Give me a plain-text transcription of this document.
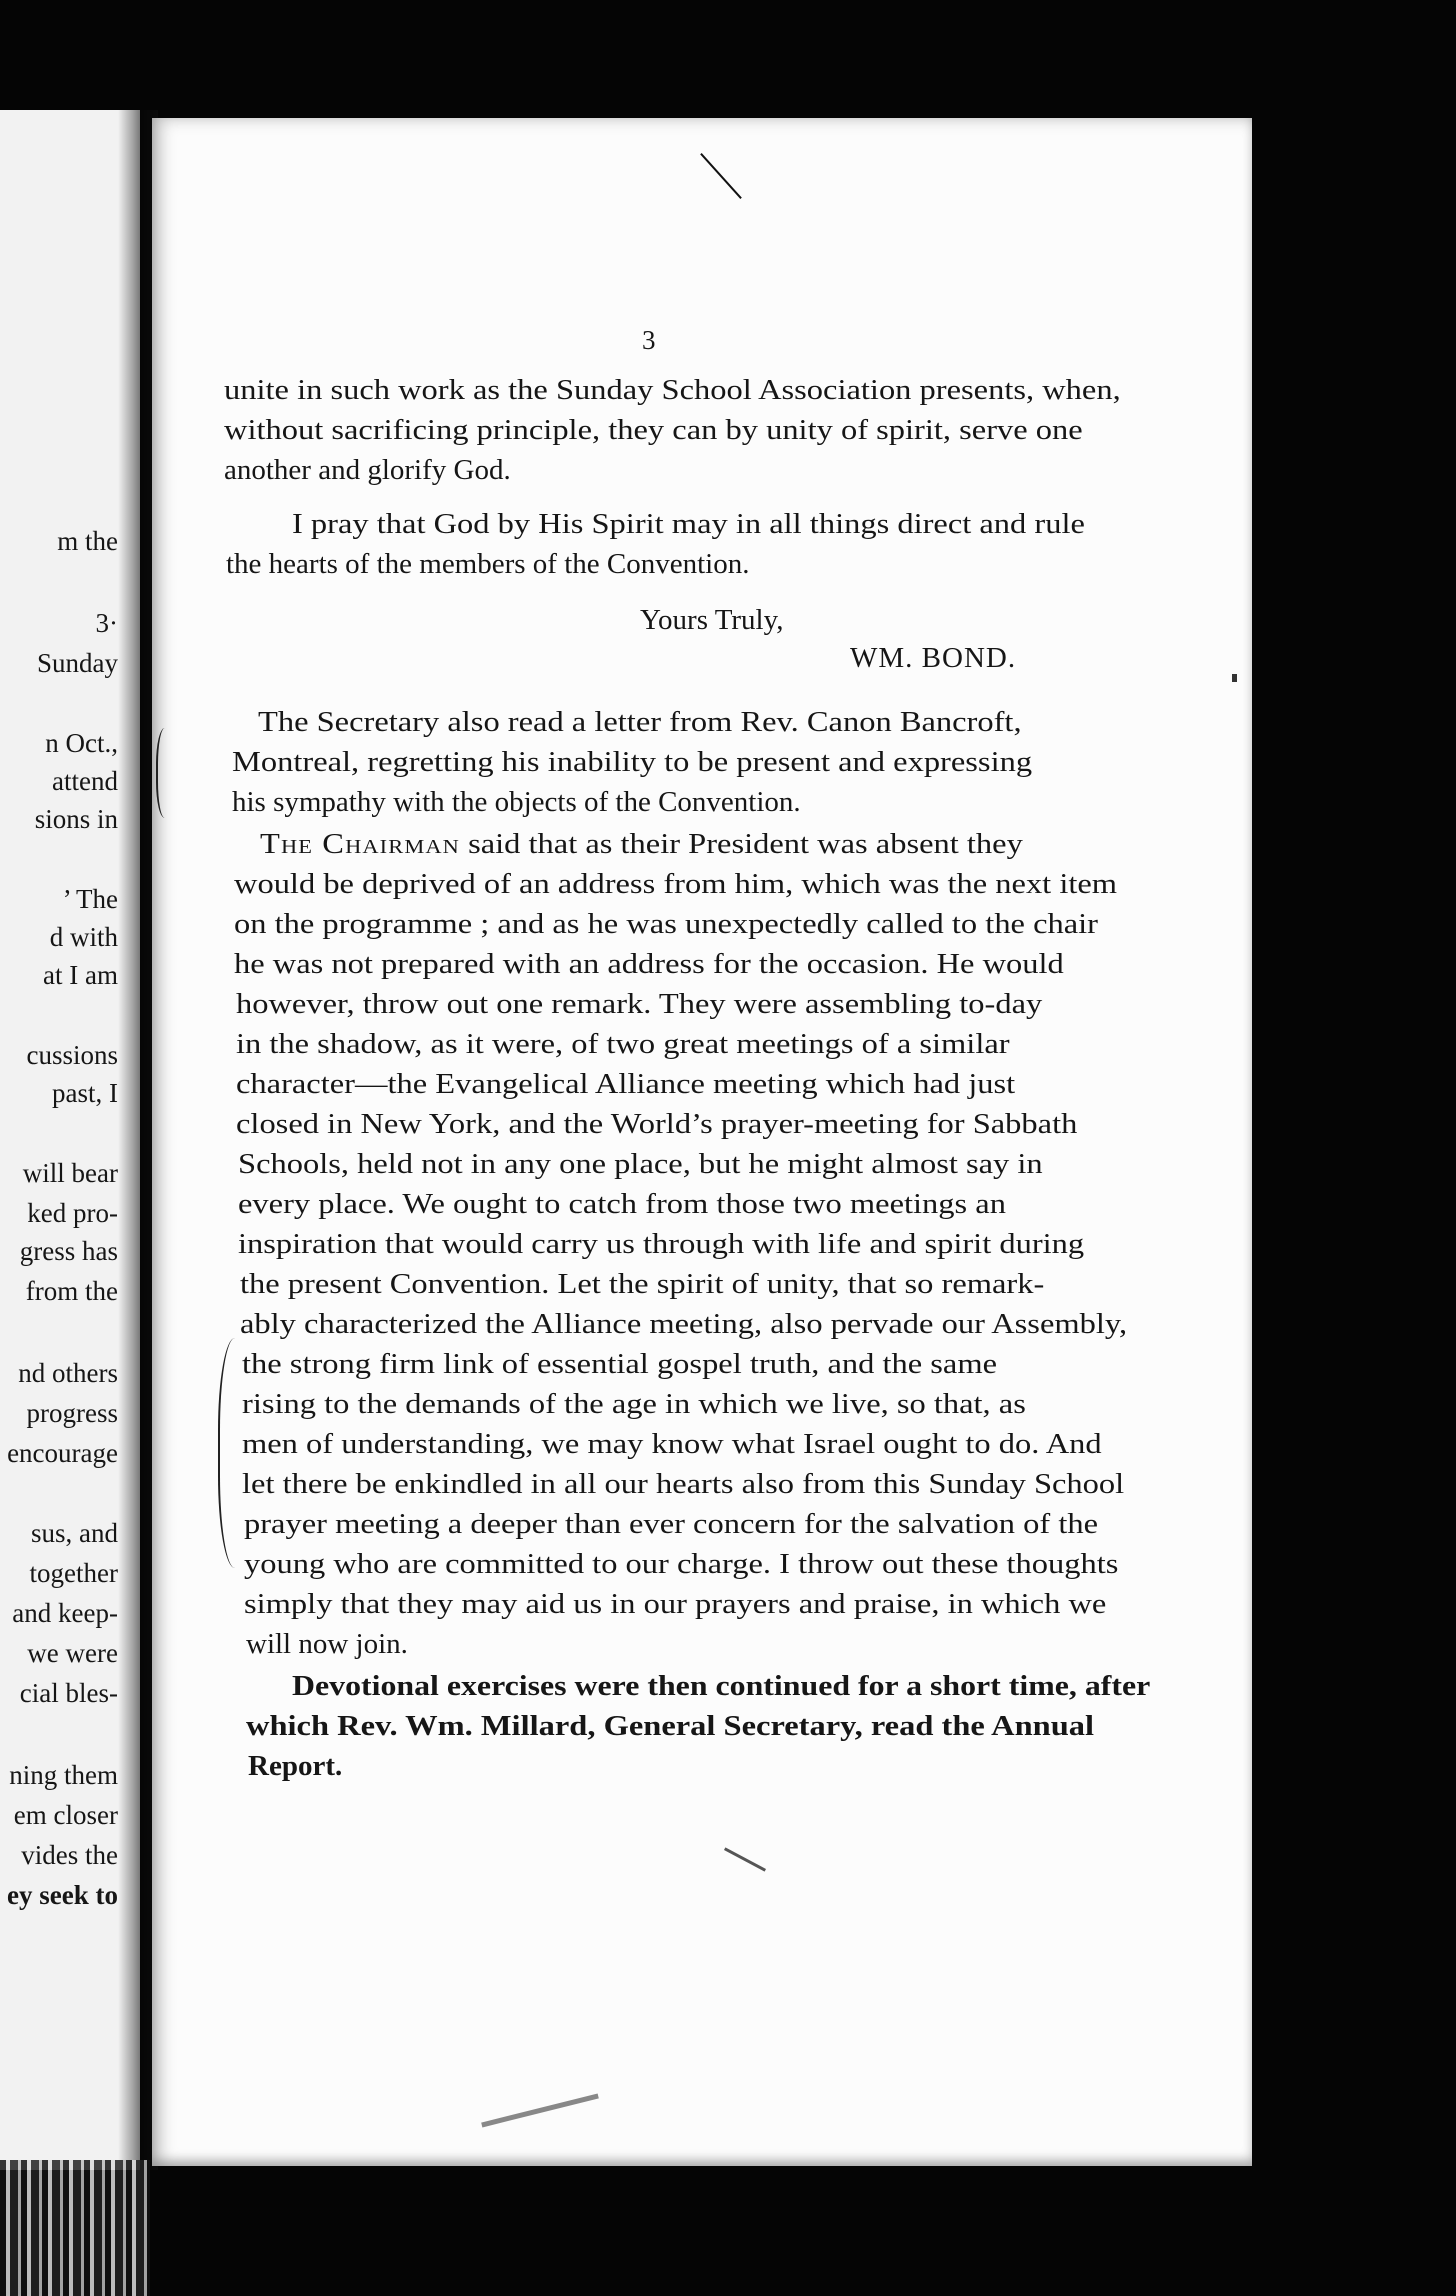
m the
3·
Sunday
n Oct.,
attend
sions in
’ The
d with
at I am
cussions
past, I
will bear
ked pro-
gress has
from the
nd others
progress
encourage
sus, and
together
and keep-
we were
cial bles-
ning them
em closer
vides the
ey seek to
3
unite in such work as the Sunday School Association presents, when,
without sacrificing principle, they can by unity of spirit, serve one
another and glorify God.
I pray that God by His Spirit may in all things direct and rule
the hearts of the members of the Convention.
Yours Truly,
WM. BOND.
The Secretary also read a letter from Rev. Canon Bancroft,
Montreal, regretting his inability to be present and expressing
his sympathy with the objects of the Convention.
The Chairman said that as their President was absent they
would be deprived of an address from him, which was the next item
on the programme ; and as he was unexpectedly called to the chair
he was not prepared with an address for the occasion. He would
however, throw out one remark. They were assembling to-day
in the shadow, as it were, of two great meetings of a similar
character—the Evangelical Alliance meeting which had just
closed in New York, and the World’s prayer-meeting for Sabbath
Schools, held not in any one place, but he might almost say in
every place. We ought to catch from those two meetings an
inspiration that would carry us through with life and spirit during
the present Convention. Let the spirit of unity, that so remark-
ably characterized the Alliance meeting, also pervade our Assembly,
the strong firm link of essential gospel truth, and the same
rising to the demands of the age in which we live, so that, as
men of understanding, we may know what Israel ought to do. And
let there be enkindled in all our hearts also from this Sunday School
prayer meeting a deeper than ever concern for the salvation of the
young who are committed to our charge. I throw out these thoughts
simply that they may aid us in our prayers and praise, in which we
will now join.
Devotional exercises were then continued for a short time, after
which Rev. Wm. Millard, General Secretary, read the Annual
Report.
